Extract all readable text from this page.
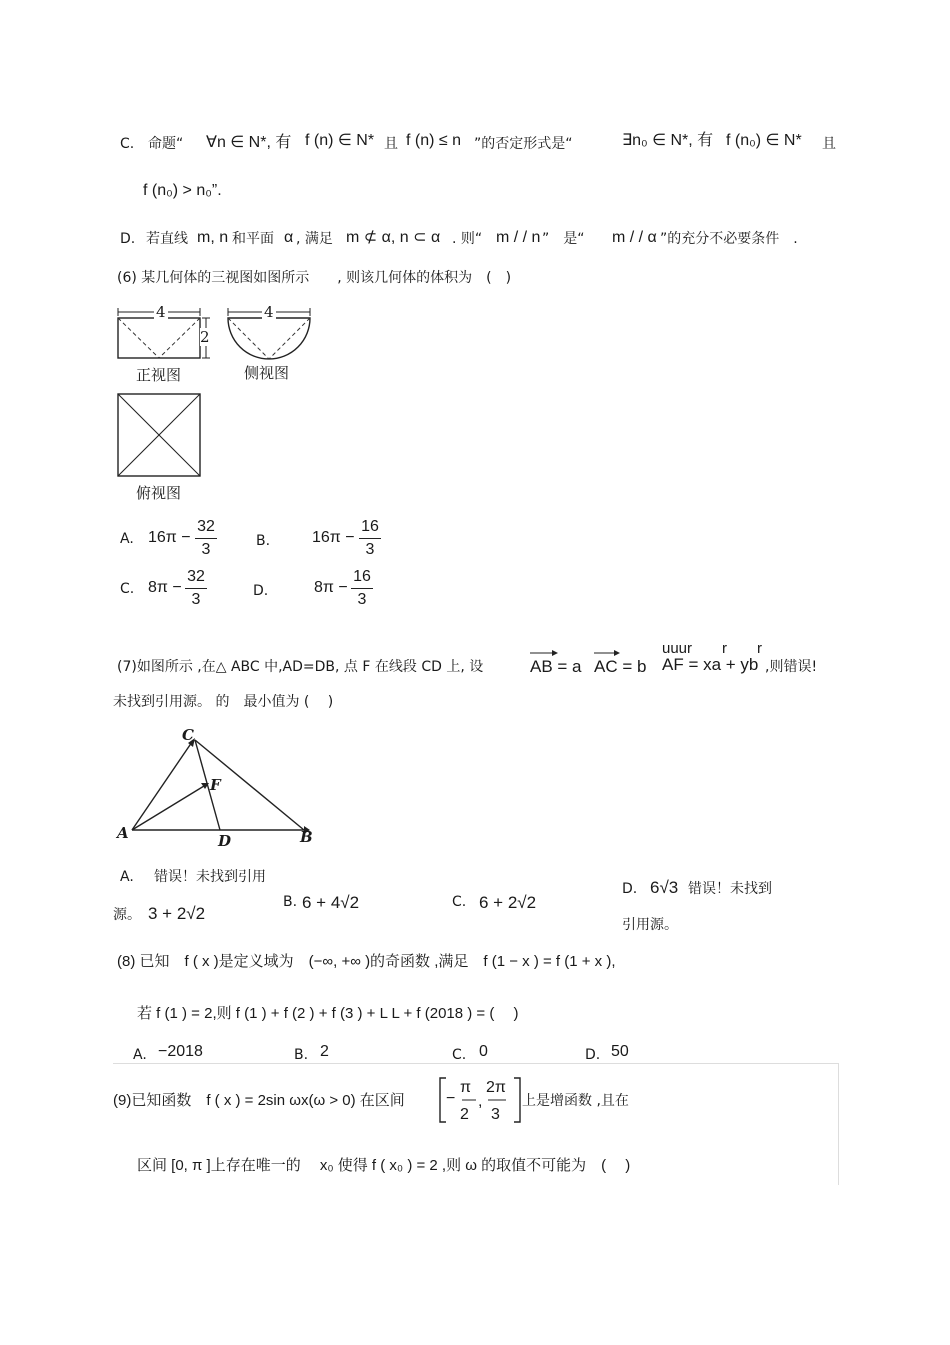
C. 命题“ ∀n ∈ N*, 有 f (n) ∈ N* 且 f (n) ≤ n ”的否定形式是“	∃n₀ ∈ N*, 有 f (n₀) ∈ N* 且
f (n₀) > n₀”.
D. 若直线 m, n 和平面 α , 满足 m ⊄ α, n ⊂ α . 则“ m / / n ”　是“ m / / α ”的充分不必要条件　.
(6) 某几何体的三视图如图所示　　, 则该几何体的体积为　(　)
4
2
正视图
4
侧视图
俯视图
A. 16π −
32
3	B.	16π −
16
3
C. 8π −
32
3	D.	8π −
16
3
uuur　　r　　r
(7)如图所示 ,在△ ABC 中,AD=DB, 点 F 在线段 CD 上, 设	AB = a AC = b AF = xa + yb ,则错误!
未找到引用源。 的　最小值为 (　 )
C
F
A	D	B
A. 错误！未找到引用
源。 3 + 2√2
B. 6 + 4√2	C. 6 + 2√2
D. 6√3 错误！未找到
引用源。
(8) 已知　f ( x )是定义域为　(−∞, +∞ )的奇函数 ,满足　f (1 − x ) = f (1 + x ),
若 f (1 ) = 2,则 f (1 ) + f (2 ) + f (3 ) + L L + f (2018 ) = (　 )
A. −2018	B. 2	C. 0	D. 50
(9)已知函数　f ( x ) = 2sin ωx(ω > 0) 在区间	−
π
2
,
2π
3
上是增函数 ,且在
区间 [0, π ]上存在唯一的　 x₀ 使得 f ( x₀ ) = 2 ,则 ω 的取值不可能为　(　 )
